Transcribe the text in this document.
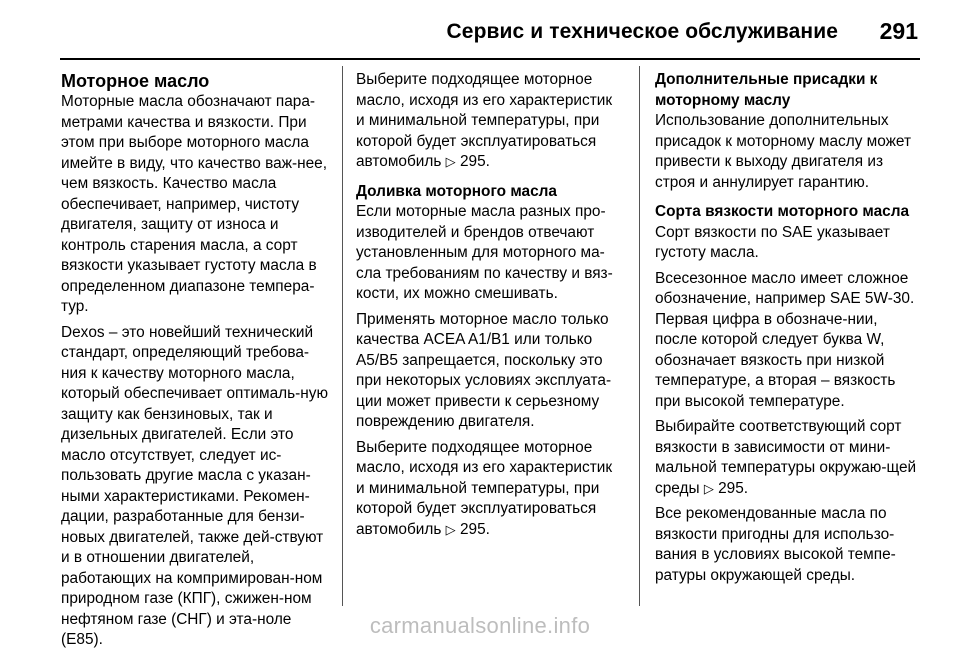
Сервис и техническое обслуживание 291
Моторное масло

Моторные масла обозначают пара-метрами качества и вязкости. При этом при выборе моторного масла имейте в виду, что качество важ-нее, чем вязкость. Качество масла обеспечивает, например, чистоту двигателя, защиту от износа и контроль старения масла, а сорт вязкости указывает густоту масла в определенном диапазоне темпера-тур.

Dexos – это новейший технический стандарт, определяющий требова-ния к качеству моторного масла, который обеспечивает оптималь-ную защиту как бензиновых, так и дизельных двигателей. Если это масло отсутствует, следует ис-пользовать другие масла с указан-ными характеристиками. Рекомен-дации, разработанные для бензи-новых двигателей, также дей-ствуют и в отношении двигателей, работающих на компримирован-ном природном газе (КПГ), сжижен-ном нефтяном газе (СНГ) и эта-ноле (E85).

Выберите подходящее моторное масло, исходя из его характеристик и минимальной температуры, при которой будет эксплуатироваться автомобиль ▷ 295.

Доливка моторного масла

Если моторные масла разных про-изводителей и брендов отвечают установленным для моторного ма-сла требованиям по качеству и вяз-кости, их можно смешивать.

Применять моторное масло только качества ACEA A1/B1 или только A5/B5 запрещается, поскольку это при некоторых условиях эксплуата-ции может привести к серьезному повреждению двигателя.

Выберите подходящее моторное масло, исходя из его характеристик и минимальной температуры, при которой будет эксплуатироваться автомобиль ▷ 295.

Дополнительные присадки к моторному маслу

Использование дополнительных присадок к моторному маслу может привести к выходу двигателя из строя и аннулирует гарантию.

Сорта вязкости моторного масла

Сорт вязкости по SAE указывает густоту масла.

Всесезонное масло имеет сложное обозначение, например SAE 5W-30. Первая цифра в обозначе-нии, после которой следует буква W, обозначает вязкость при низкой температуре, а вторая – вязкость при высокой температуре.

Выбирайте соответствующий сорт вязкости в зависимости от мини-мальной температуры окружаю-щей среды ▷ 295.

Все рекомендованные масла по вязкости пригодны для использо-вания в условиях высокой темпе-ратуры окружающей среды.

carmanualsonline.info
